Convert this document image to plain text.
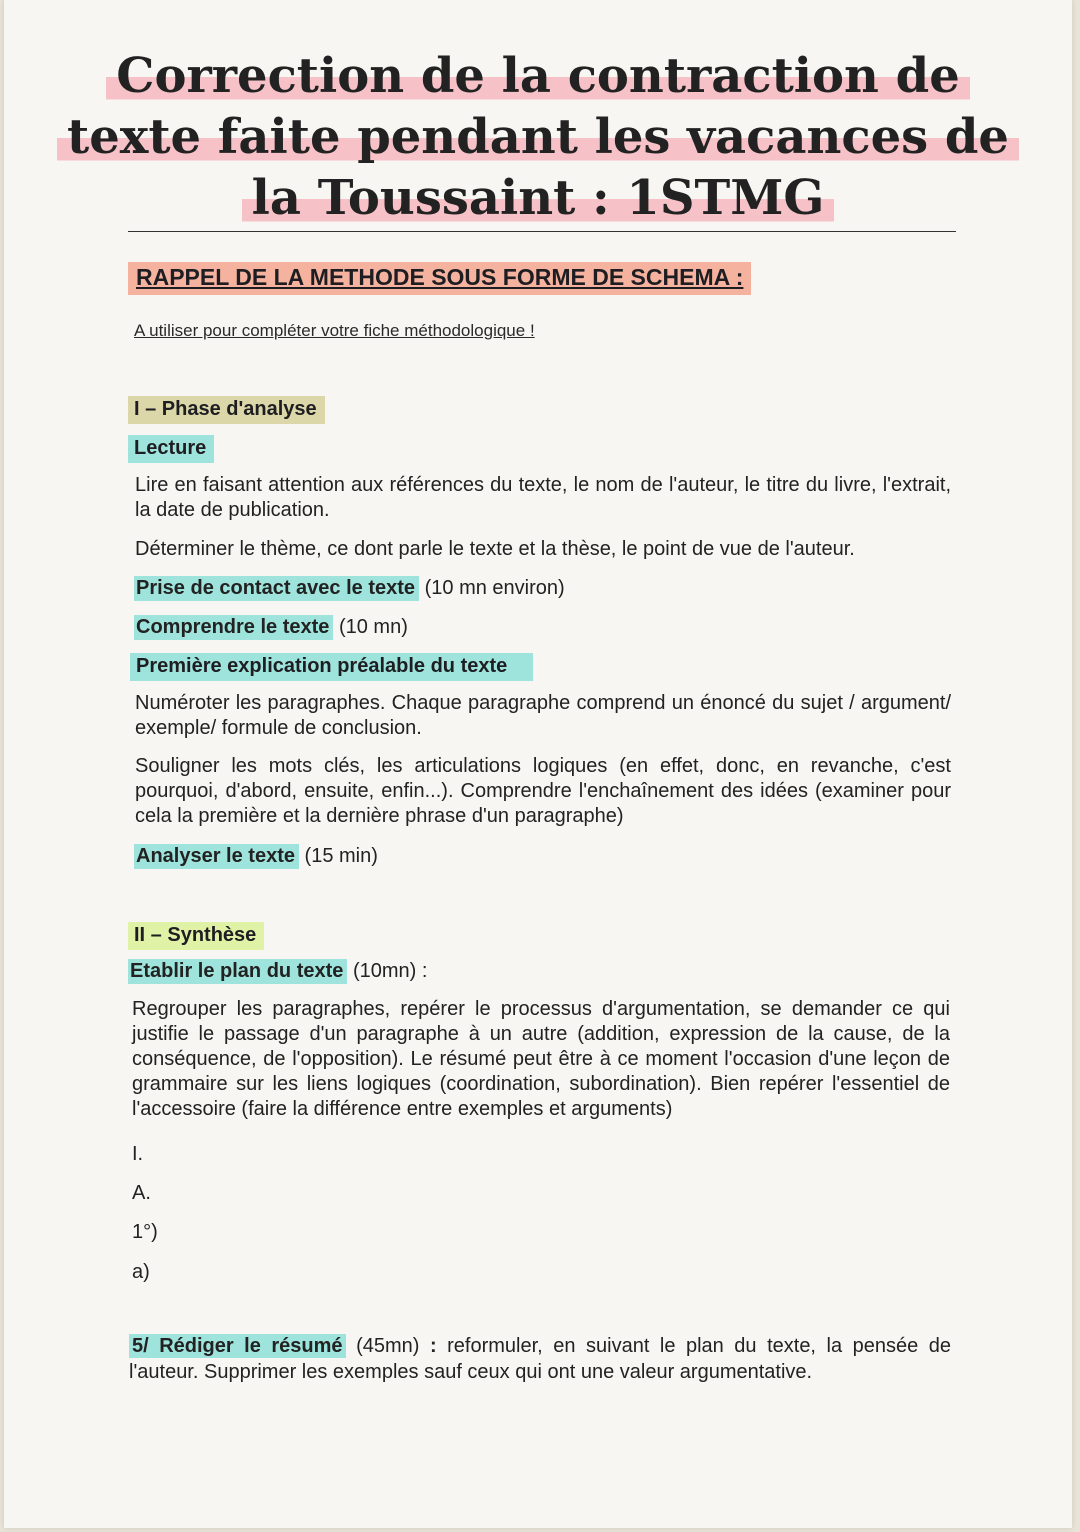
Correction de la contraction de
texte faite pendant les vacances de
la Toussaint : 1STMG
RAPPEL DE LA METHODE SOUS FORME DE SCHEMA :
A utiliser pour compléter votre fiche méthodologique !
I – Phase d'analyse
Lecture
Lire en faisant attention aux références du texte, le nom de l'auteur, le titre du livre, l'extrait, la date de publication.
Déterminer le thème, ce dont parle le texte et la thèse, le point de vue de l'auteur.
Prise de contact avec le texte (10 mn environ)
Comprendre le texte (10 mn)
Première explication préalable du texte
Numéroter les paragraphes. Chaque paragraphe comprend un énoncé du sujet / argument/ exemple/ formule de conclusion.
Souligner les mots clés, les articulations logiques (en effet, donc, en revanche, c'est pourquoi, d'abord, ensuite, enfin...). Comprendre l'enchaînement des idées (examiner pour cela la première et la dernière phrase d'un paragraphe)
Analyser le texte (15 min)
II – Synthèse
Etablir le plan du texte (10mn) :
Regrouper les paragraphes, repérer le processus d'argumentation, se demander ce qui justifie le passage d'un paragraphe à un autre (addition, expression de la cause, de la conséquence, de l'opposition). Le résumé peut être à ce moment l'occasion d'une leçon de grammaire sur les liens logiques (coordination, subordination). Bien repérer l'essentiel de l'accessoire (faire la différence entre exemples et arguments)
I.
A.
1°)
a)
5/ Rédiger le résumé (45mn) : reformuler, en suivant le plan du texte, la pensée de l'auteur. Supprimer les exemples sauf ceux qui ont une valeur argumentative.
